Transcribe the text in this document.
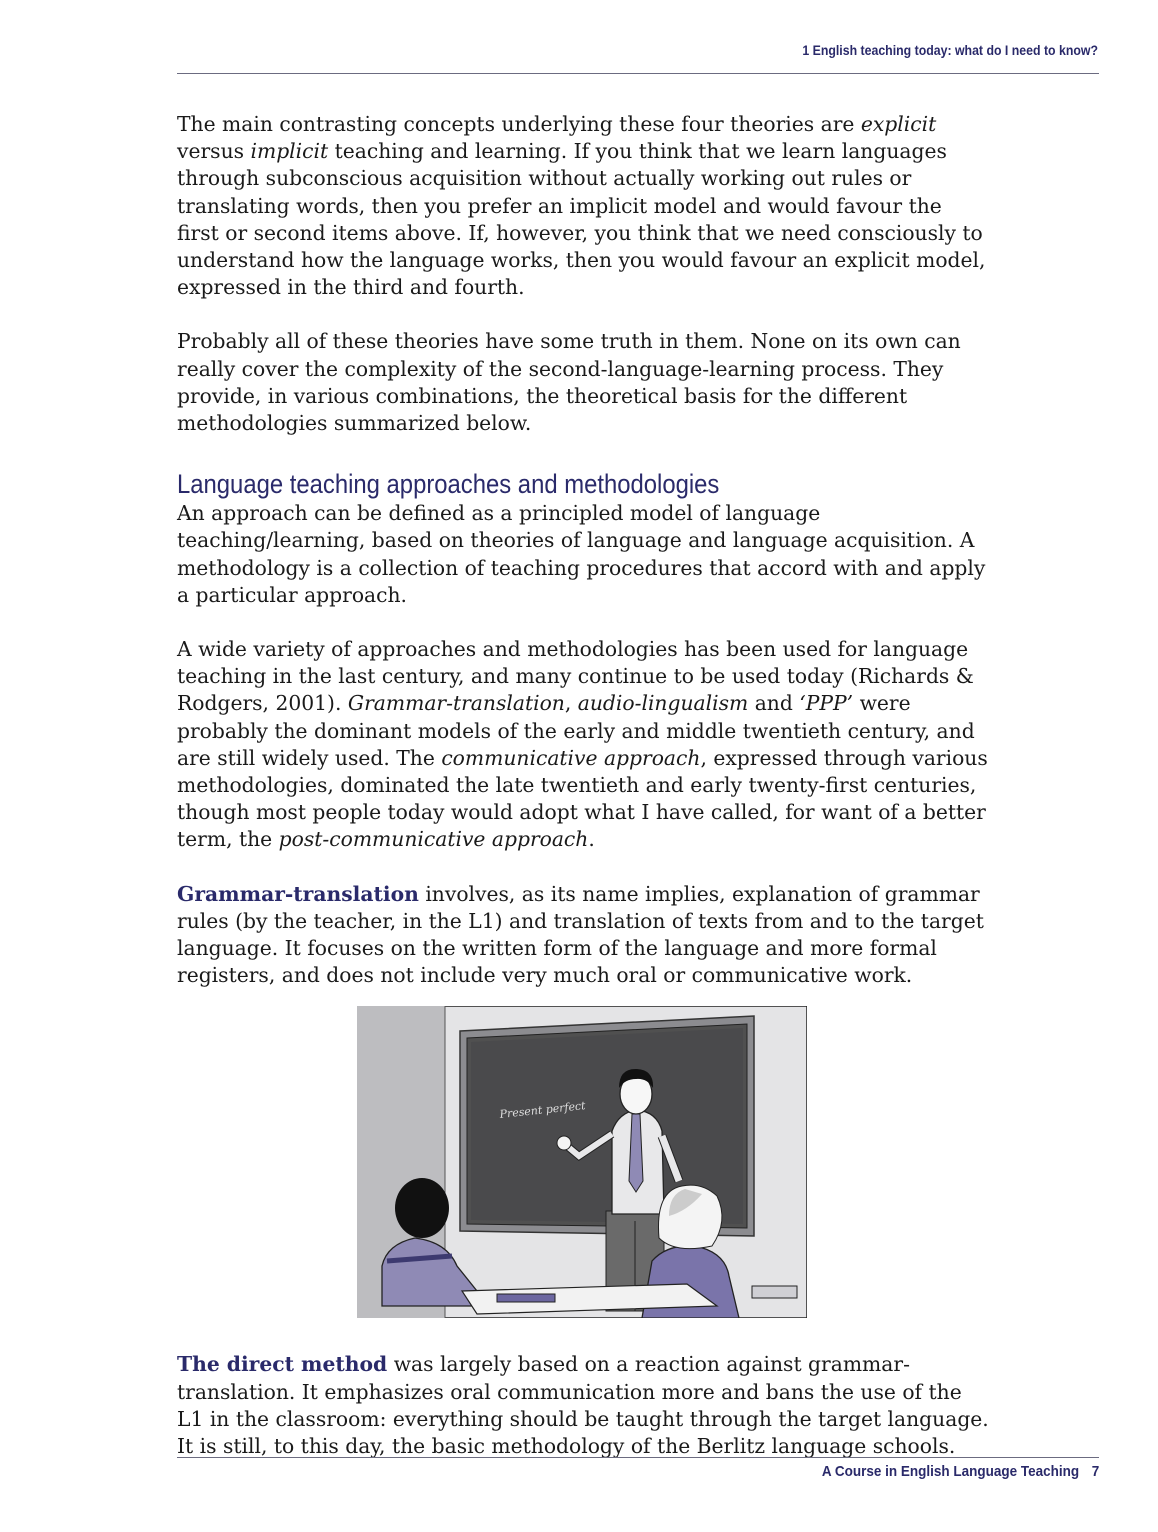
1 English teaching today: what do I need to know?

The main contrasting concepts underlying these four theories are explicit versus implicit teaching and learning. If you think that we learn languages through subconscious acquisition without actually working out rules or translating words, then you prefer an implicit model and would favour the first or second items above. If, however, you think that we need consciously to understand how the language works, then you would favour an explicit model, expressed in the third and fourth.

Probably all of these theories have some truth in them. None on its own can really cover the complexity of the second-language-learning process. They provide, in various combinations, the theoretical basis for the different methodologies summarized below.

Language teaching approaches and methodologies

An approach can be defined as a principled model of language teaching/learning, based on theories of language and language acquisition. A methodology is a collection of teaching procedures that accord with and apply a particular approach.

A wide variety of approaches and methodologies has been used for language teaching in the last century, and many continue to be used today (Richards & Rodgers, 2001). Grammar-translation, audio-lingualism and ‘PPP’ were probably the dominant models of the early and middle twentieth century, and are still widely used. The communicative approach, expressed through various methodologies, dominated the late twentieth and early twenty-first centuries, though most people today would adopt what I have called, for want of a better term, the post-communicative approach.

Grammar-translation involves, as its name implies, explanation of grammar rules (by the teacher, in the L1) and translation of texts from and to the target language. It focuses on the written form of the language and more formal registers, and does not include very much oral or communicative work.

Present perfect

The direct method was largely based on a reaction against grammar-translation. It emphasizes oral communication more and bans the use of the L1 in the classroom: everything should be taught through the target language. It is still, to this day, the basic methodology of the Berlitz language schools.

A Course in English Language Teaching 7
